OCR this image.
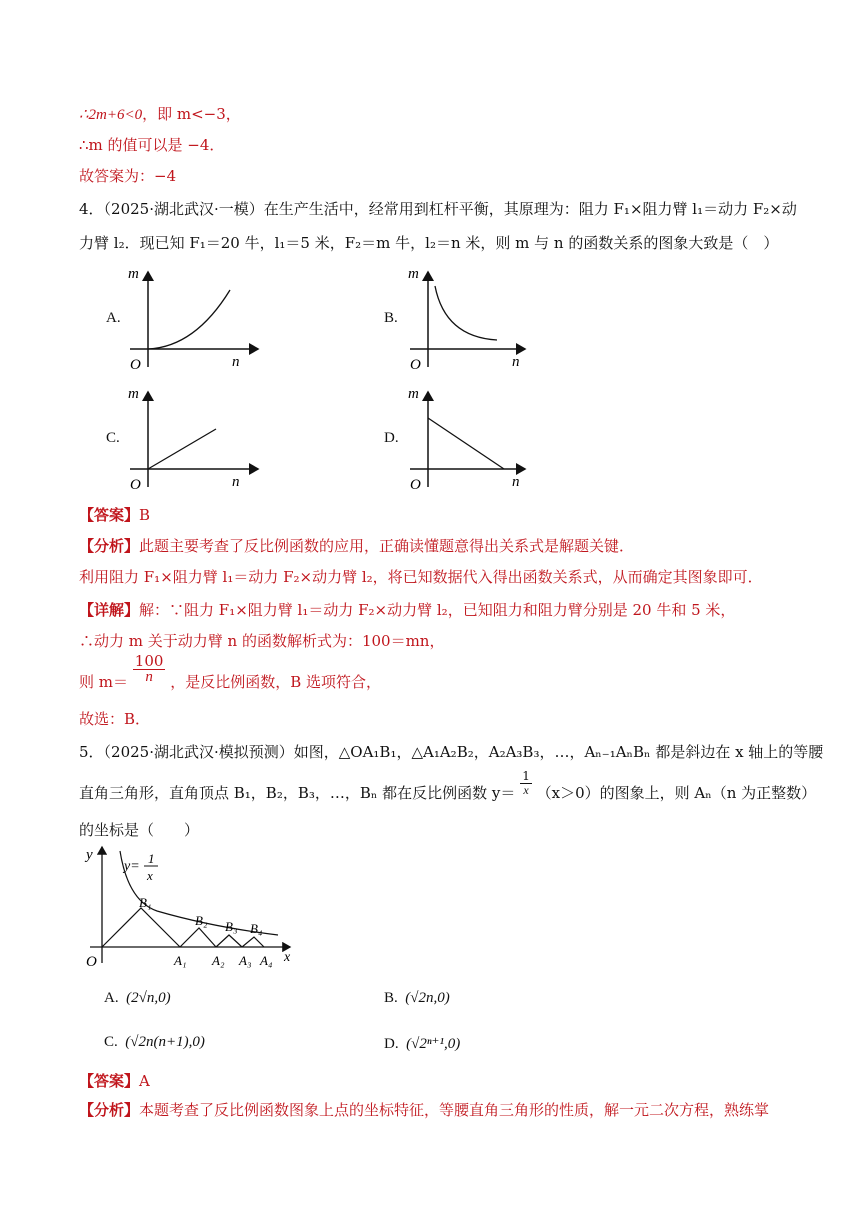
∴2m+6<0，即 m<−3，
∴m 的值可以是 −4．
故答案为：−4
4．（2025·湖北武汉·一模）在生产生活中，经常用到杠杆平衡，其原理为：阻力 F₁×阻力臂 l₁＝动力 F₂×动
力臂 l₂．现已知 F₁＝20 牛，l₁＝5 米，F₂＝m 牛，l₂＝n 米，则 m 与 n 的函数关系的图象大致是（　）
A.
m
n
O
B.
m
n
O
C.
m
n
O
D.
m
n
O
【答案】B
【分析】此题主要考查了反比例函数的应用，正确读懂题意得出关系式是解题关键．
利用阻力 F₁×阻力臂 l₁＝动力 F₂×动力臂 l₂，将已知数据代入得出函数关系式，从而确定其图象即可．
【详解】解：∵阻力 F₁×阻力臂 l₁＝动力 F₂×动力臂 l₂，已知阻力和阻力臂分别是 20 牛和 5 米，
∴动力 m 关于动力臂 n 的函数解析式为：100＝mn，
则 $m= \frac{100}{n}$ ，是反比例函数，B 选项符合，
故选：B．
5．（2025·湖北武汉·模拟预测）如图，△OA₁B₁，△A₁A₂B₂，A₂A₃B₃，…，Aₙ₋₁AₙBₙ 都是斜边在 x 轴上的等腰
直角三角形，直角顶点 B₁，B₂，B₃，…，Bₙ 都在反比例函数 $y= \frac{1}{x} (x>0)$的图象上，则 Aₙ（n 为正整数）
的坐标是（　　）
y
x
O
y=
1
x
B₁
B₂ B₃ B₄
A₁ A₂ A₃ A₄
A. (2√n,0)	B. (√2n,0)
C. (√2n(n+1),0)	D. (√2ⁿ⁺¹,0)
【答案】A
【分析】本题考查了反比例函数图象上点的坐标特征，等腰直角三角形的性质，解一元二次方程，熟练掌
